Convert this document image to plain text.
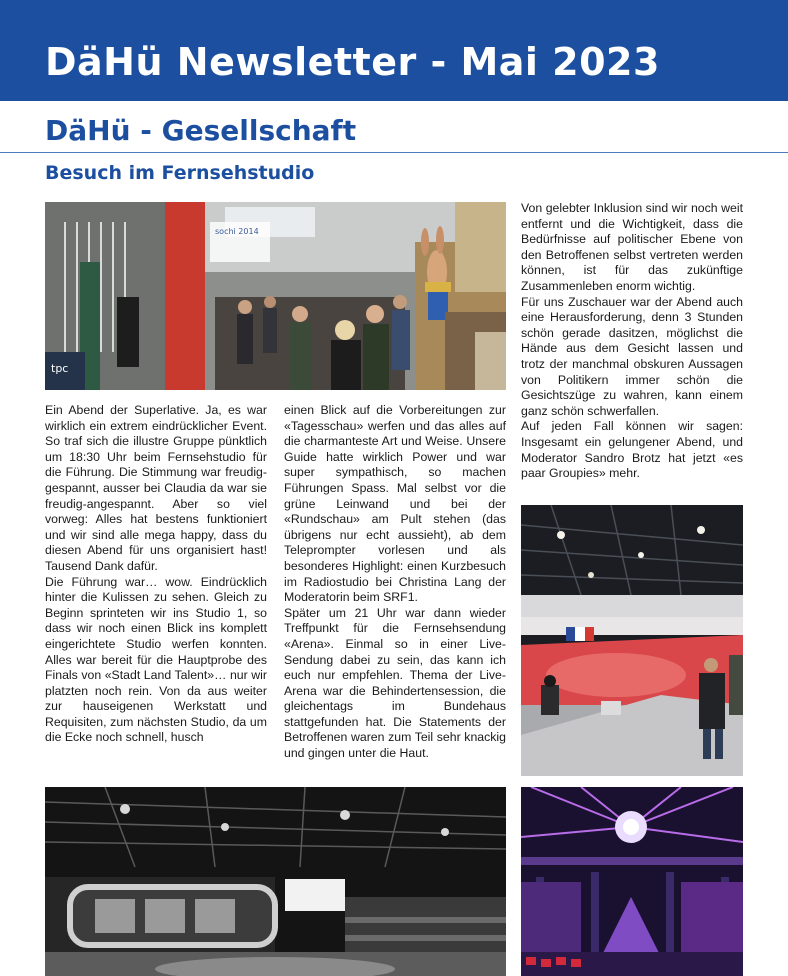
DäHü Newsletter - Mai 2023
DäHü - Gesellschaft
Besuch im Fernsehstudio
sochi 2014
tpc

Ein Abend der Superlative. Ja, es war wirklich ein extrem eindrücklicher Event. So traf sich die illustre Gruppe pünktlich um 18:30 Uhr beim Fernsehstudio für die Führung. Die Stimmung war freudig-gespannt, ausser bei Claudia da war sie freudig-angespannt. Aber so viel vorweg: Alles hat bestens funktioniert und wir sind alle mega happy, dass du diesen Abend für uns organisiert hast! Tausend Dank dafür.

Die Führung war… wow. Eindrücklich hinter die Kulissen zu sehen. Gleich zu Beginn sprinteten wir ins Studio 1, so dass wir noch einen Blick ins komplett eingerichtete Studio werfen konnten. Alles war bereit für die Hauptprobe des Finals von «Stadt Land Talent»… nur wir platzten noch rein. Von da aus weiter zur hauseigenen Werkstatt und Requisiten, zum nächsten Studio, da um die Ecke noch schnell, husch

einen Blick auf die Vorbereitungen zur «Tagesschau» werfen und das alles auf die charmanteste Art und Weise. Unsere Guide hatte wirklich Power und war super sympathisch, so machen Führungen Spass. Mal selbst vor die grüne Leinwand und bei der «Rundschau» am Pult stehen (das übrigens nur echt aussieht), ab dem Teleprompter vorlesen und als besonderes Highlight: einen Kurzbesuch im Radiostudio bei Christina Lang der Moderatorin beim SRF1.

Später um 21 Uhr war dann wieder Treffpunkt für die Fernsehsendung «Arena». Einmal so in einer Live-Sendung dabei zu sein, das kann ich euch nur empfehlen. Thema der Live-Arena war die Behindertensession, die gleichentags im Bundehaus stattgefunden hat. Die Statements der Betroffenen waren zum Teil sehr knackig und gingen unter die Haut.

Von gelebter Inklusion sind wir noch weit entfernt und die Wichtigkeit, dass die Bedürfnisse auf politischer Ebene von den Betroffenen selbst vertreten werden können, ist für das zukünftige Zusammenleben enorm wichtig.

Für uns Zuschauer war der Abend auch eine Herausforderung, denn 3 Stunden schön gerade dasitzen, möglichst die Hände aus dem Gesicht lassen und trotz der manchmal obskuren Aussagen von Politikern immer schön die Gesichtszüge zu wahren, kann einem ganz schön schwerfallen.

Auf jeden Fall können wir sagen: Insgesamt ein gelungener Abend, und Moderator Sandro Brotz hat jetzt «es paar Groupies» mehr.
